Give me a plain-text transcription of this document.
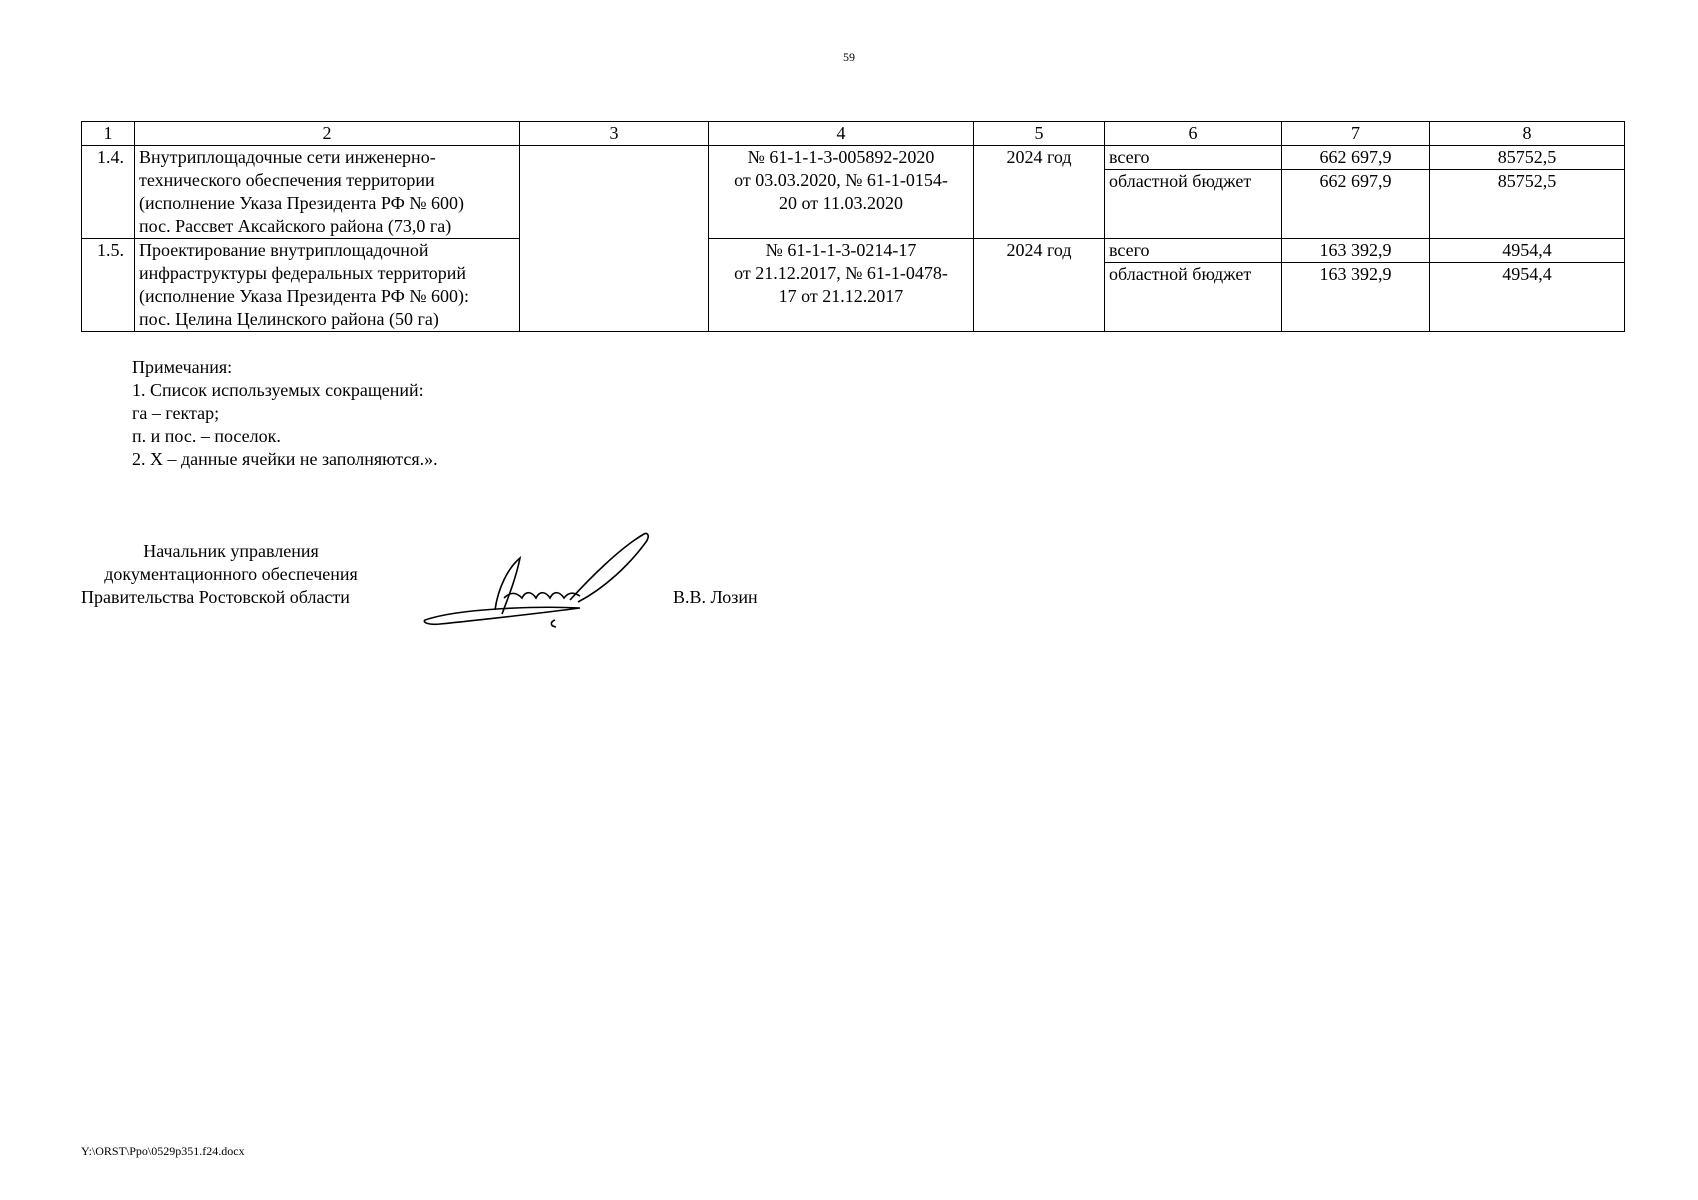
59
1	2	3	4	5	6	7	8
1.4.	Внутриплощадочные сети инженерно-
технического обеспечения территории
(исполнение Указа Президента РФ № 600)
пос. Рассвет Аксайского района (73,0 га)		№ 61-1-1-3-005892-2020
от 03.03.2020, № 61-1-0154-
20 от 11.03.2020	2024 год	всего	662 697,9	85752,5
					областной бюджет	662 697,9	85752,5
1.5.	Проектирование внутриплощадочной
инфраструктуры федеральных территорий
(исполнение Указа Президента РФ № 600):
пос. Целина Целинского района (50 га)		№ 61-1-1-3-0214-17
от 21.12.2017, № 61-1-0478-
17 от 21.12.2017	2024 год	всего	163 392,9	4954,4
					областной бюджет	163 392,9	4954,4
Примечания:
1. Список используемых сокращений:
га – гектар;
п. и пос. – поселок.
2. Х – данные ячейки не заполняются.».
Начальник управления
документационного обеспечения
Правительства Ростовской области	В.В. Лозин
Y:\ORST\Ppo\0529p351.f24.docx
